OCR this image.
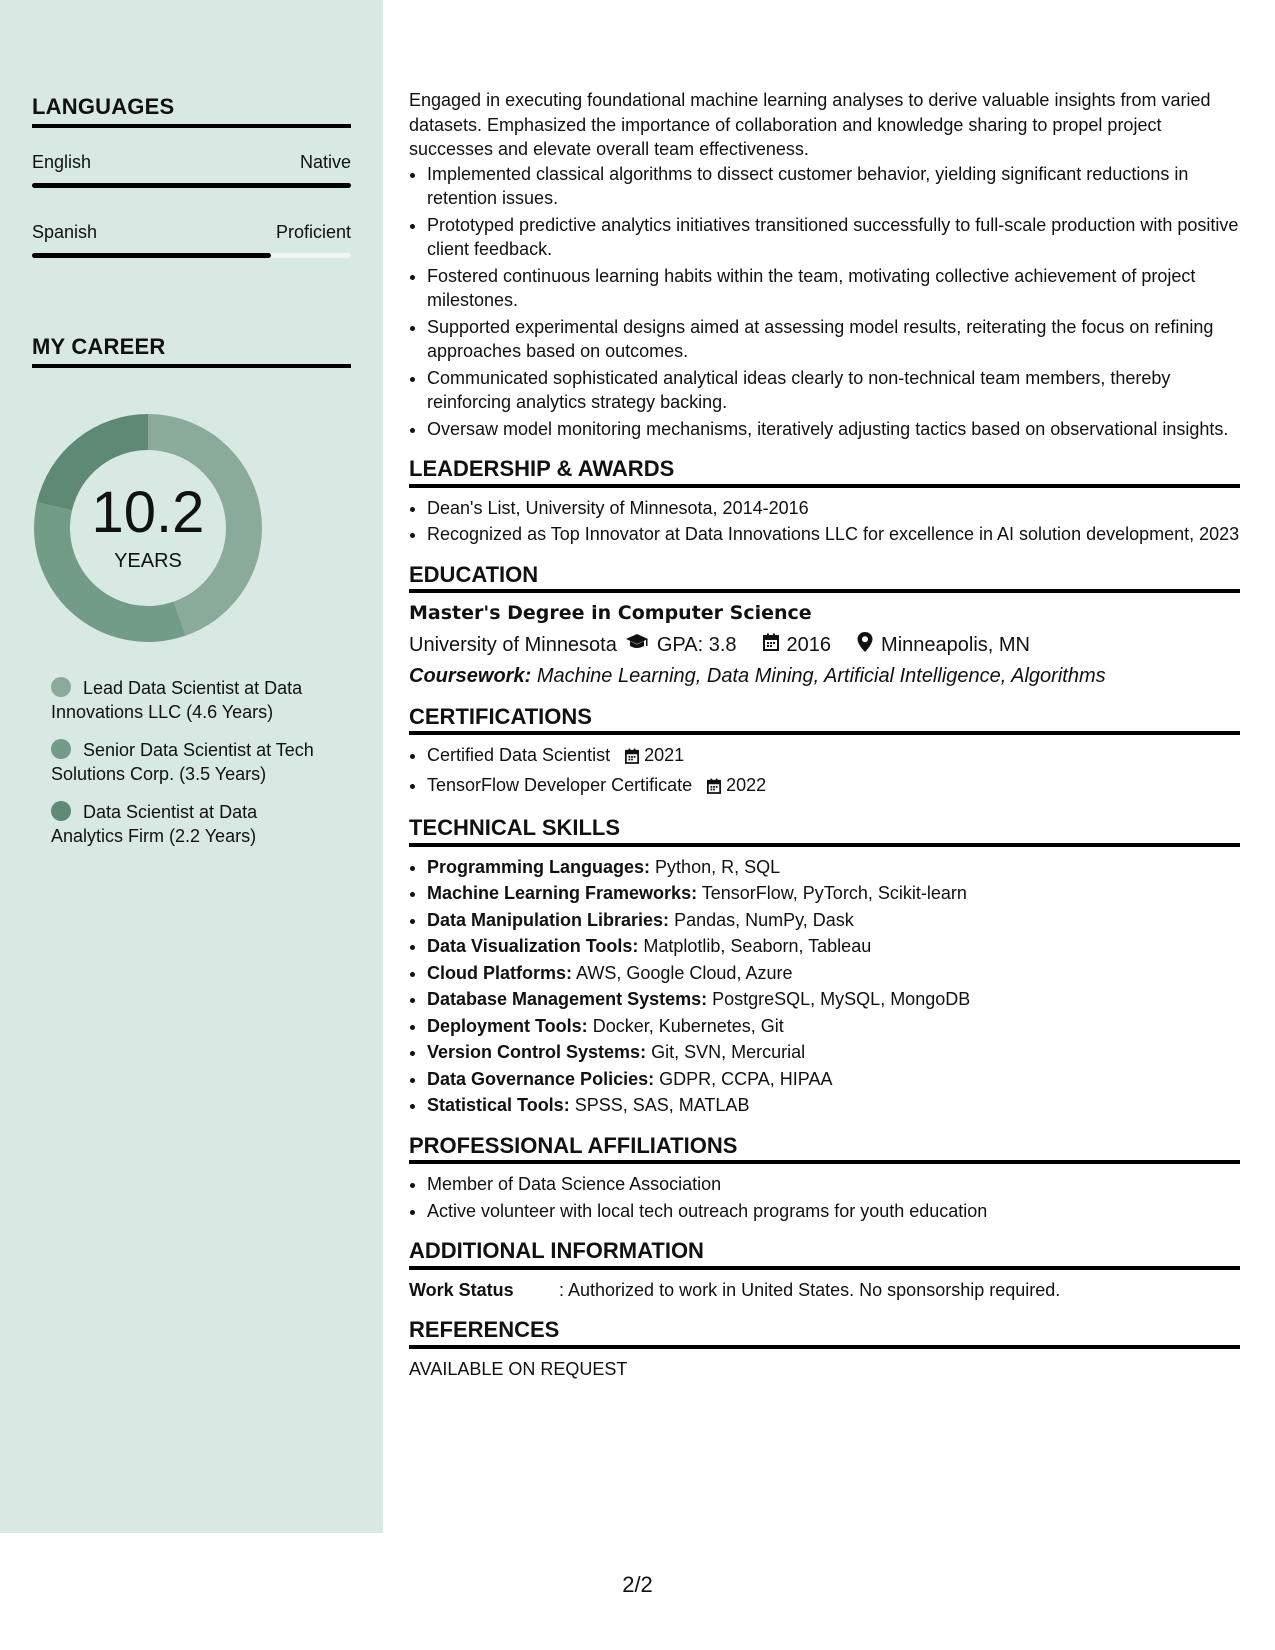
LANGUAGES
English	Native
Spanish	Proficient
MY CAREER
10.2
YEARS
Lead Data Scientist at Data Innovations LLC (4.6 Years)
Senior Data Scientist at Tech Solutions Corp. (3.5 Years)
Data Scientist at Data Analytics Firm (2.2 Years)

Engaged in executing foundational machine learning analyses to derive valuable insights from varied datasets. Emphasized the importance of collaboration and knowledge sharing to propel project successes and elevate overall team effectiveness.

• Implemented classical algorithms to dissect customer behavior, yielding significant reductions in retention issues.
• Prototyped predictive analytics initiatives transitioned successfully to full-scale production with positive client feedback.
• Fostered continuous learning habits within the team, motivating collective achievement of project milestones.
• Supported experimental designs aimed at assessing model results, reiterating the focus on refining approaches based on outcomes.
• Communicated sophisticated analytical ideas clearly to non-technical team members, thereby reinforcing analytics strategy backing.
• Oversaw model monitoring mechanisms, iteratively adjusting tactics based on observational insights.
LEADERSHIP & AWARDS
• Dean's List, University of Minnesota, 2014-2016
• Recognized as Top Innovator at Data Innovations LLC for excellence in AI solution development, 2023
EDUCATION
Master's Degree in Computer Science
University of Minnesota GPA: 3.8	2016	Minneapolis, MN
Coursework: Machine Learning, Data Mining, Artificial Intelligence, Algorithms
CERTIFICATIONS
• Certified Data Scientist 2021
• TensorFlow Developer Certificate 2022
TECHNICAL SKILLS
• Programming Languages: Python, R, SQL
• Machine Learning Frameworks: TensorFlow, PyTorch, Scikit-learn
• Data Manipulation Libraries: Pandas, NumPy, Dask
• Data Visualization Tools: Matplotlib, Seaborn, Tableau
• Cloud Platforms: AWS, Google Cloud, Azure
• Database Management Systems: PostgreSQL, MySQL, MongoDB
• Deployment Tools: Docker, Kubernetes, Git
• Version Control Systems: Git, SVN, Mercurial
• Data Governance Policies: GDPR, CCPA, HIPAA
• Statistical Tools: SPSS, SAS, MATLAB
PROFESSIONAL AFFILIATIONS
• Member of Data Science Association
• Active volunteer with local tech outreach programs for youth education
ADDITIONAL INFORMATION
Work Status	: Authorized to work in United States. No sponsorship required.
REFERENCES
AVAILABLE ON REQUEST
2/2
